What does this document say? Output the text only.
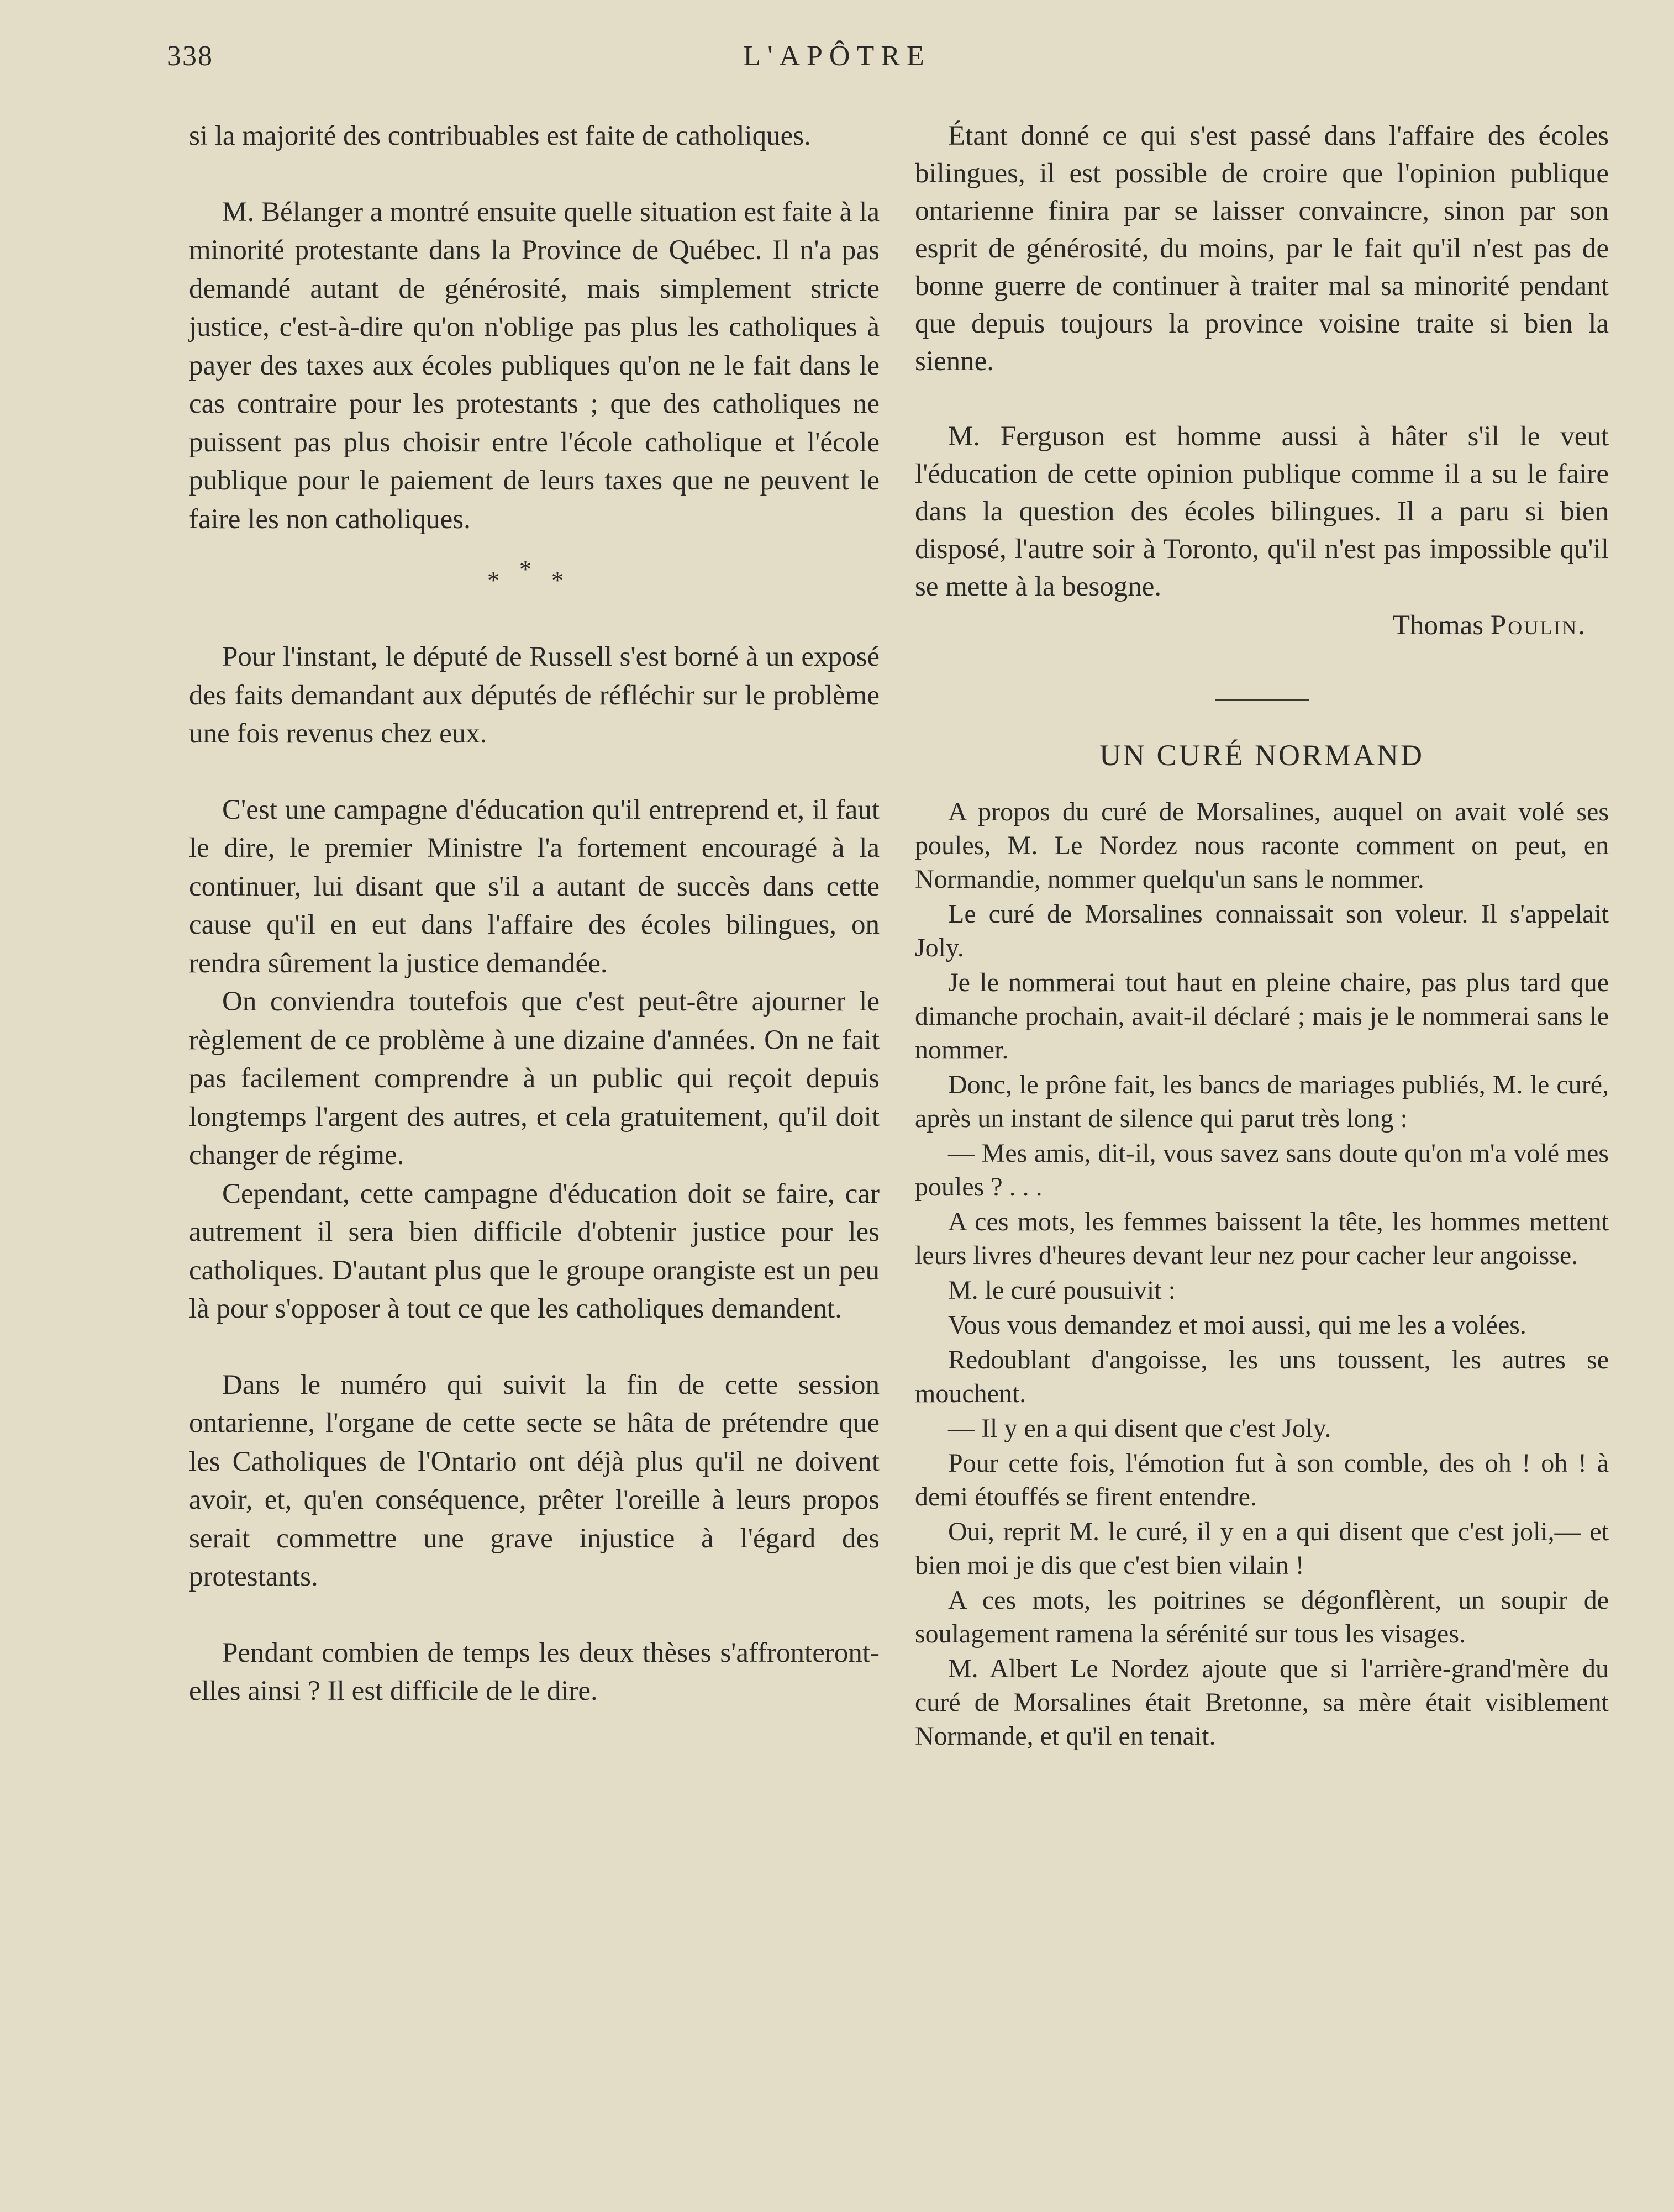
338	L'APÔTRE

si la majorité des contribuables est faite de catholiques.

M. Bélanger a montré ensuite quelle situation est faite à la minorité protestante dans la Province de Québec. Il n'a pas demandé autant de générosité, mais simplement stricte justice, c'est-à-dire qu'on n'oblige pas plus les catholiques à payer des taxes aux écoles publiques qu'on ne le fait dans le cas contraire pour les protestants ; que des catholiques ne puissent pas plus choisir entre l'école catholique et l'école publique pour le paiement de leurs taxes que ne peuvent le faire les non catholiques.

* * *

Pour l'instant, le député de Russell s'est borné à un exposé des faits demandant aux députés de réfléchir sur le problème une fois revenus chez eux.

C'est une campagne d'éducation qu'il entreprend et, il faut le dire, le premier Ministre l'a fortement encouragé à la continuer, lui disant que s'il a autant de succès dans cette cause qu'il en eut dans l'affaire des écoles bilingues, on rendra sûrement la justice demandée.

On conviendra toutefois que c'est peut-être ajourner le règlement de ce problème à une dizaine d'années. On ne fait pas facilement comprendre à un public qui reçoit depuis longtemps l'argent des autres, et cela gratuitement, qu'il doit changer de régime.

Cependant, cette campagne d'éducation doit se faire, car autrement il sera bien difficile d'obtenir justice pour les catholiques. D'autant plus que le groupe orangiste est un peu là pour s'opposer à tout ce que les catholiques demandent.

Dans le numéro qui suivit la fin de cette session ontarienne, l'organe de cette secte se hâta de prétendre que les Catholiques de l'Ontario ont déjà plus qu'il ne doivent avoir, et, qu'en conséquence, prêter l'oreille à leurs propos serait commettre une grave injustice à l'égard des protestants.

Pendant combien de temps les deux thèses s'affronteront-elles ainsi ? Il est difficile de le dire.

Étant donné ce qui s'est passé dans l'affaire des écoles bilingues, il est possible de croire que l'opinion publique ontarienne finira par se laisser convaincre, sinon par son esprit de générosité, du moins, par le fait qu'il n'est pas de bonne guerre de continuer à traiter mal sa minorité pendant que depuis toujours la province voisine traite si bien la sienne.

M. Ferguson est homme aussi à hâter s'il le veut l'éducation de cette opinion publique comme il a su le faire dans la question des écoles bilingues. Il a paru si bien disposé, l'autre soir à Toronto, qu'il n'est pas impossible qu'il se mette à la besogne.

Thomas Poulin.
UN CURÉ NORMAND

A propos du curé de Morsalines, auquel on avait volé ses poules, M. Le Nordez nous raconte comment on peut, en Normandie, nommer quelqu'un sans le nommer.

Le curé de Morsalines connaissait son voleur. Il s'appelait Joly.

Je le nommerai tout haut en pleine chaire, pas plus tard que dimanche prochain, avait-il déclaré ; mais je le nommerai sans le nommer.

Donc, le prône fait, les bancs de mariages publiés, M. le curé, après un instant de silence qui parut très long :

— Mes amis, dit-il, vous savez sans doute qu'on m'a volé mes poules ? . . .

A ces mots, les femmes baissent la tête, les hommes mettent leurs livres d'heures devant leur nez pour cacher leur angoisse.

M. le curé pousuivit :

Vous vous demandez et moi aussi, qui me les a volées.

Redoublant d'angoisse, les uns toussent, les autres se mouchent.

— Il y en a qui disent que c'est Joly.

Pour cette fois, l'émotion fut à son comble, des oh ! oh ! à demi étouffés se firent entendre.

Oui, reprit M. le curé, il y en a qui disent que c'est joli,— et bien moi je dis que c'est bien vilain !

A ces mots, les poitrines se dégonflèrent, un soupir de soulagement ramena la sérénité sur tous les visages.

M. Albert Le Nordez ajoute que si l'arrière-grand'mère du curé de Morsalines était Bretonne, sa mère était visiblement Normande, et qu'il en tenait.
